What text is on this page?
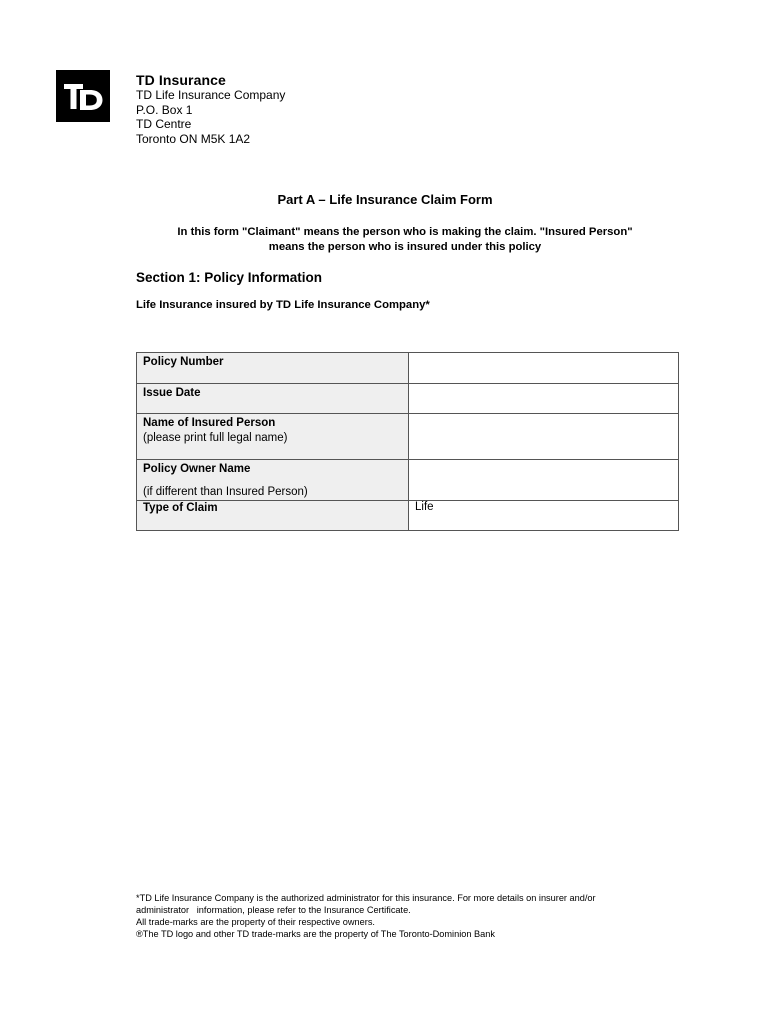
TD Insurance
TD Life Insurance Company
P.O. Box 1
TD Centre
Toronto ON M5K 1A2
Part A – Life Insurance Claim Form
In this form "Claimant" means the person who is making the claim. "Insured Person"
means the person who is insured under this policy
Section 1: Policy Information
Life Insurance insured by TD Life Insurance Company*
Policy Number	

Issue Date	

Name of Insured Person
(please print full legal name)	

Policy Owner Name
(if different than Insured Person)	

Type of Claim	Life
*TD Life Insurance Company is the authorized administrator for this insurance. For more details on insurer and/or
administrator   information, please refer to the Insurance Certificate.
All trade-marks are the property of their respective owners.
®The TD logo and other TD trade-marks are the property of The Toronto-Dominion Bank
